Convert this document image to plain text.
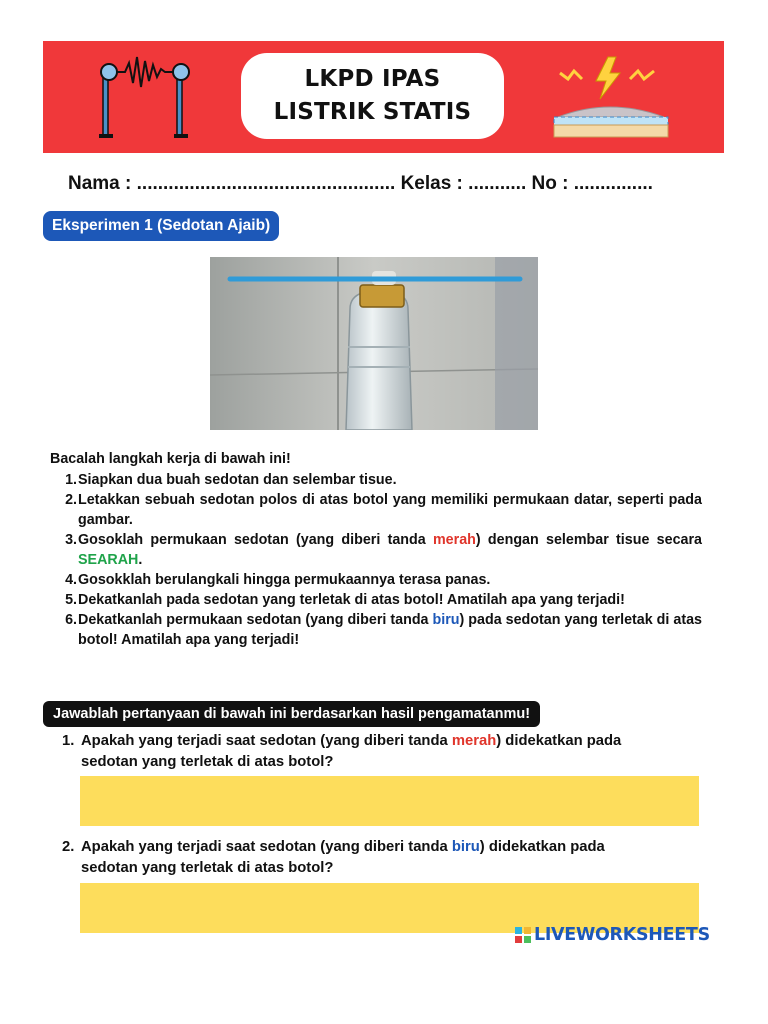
LKPD IPAS
LISTRIK STATIS
Nama : ................................................. Kelas : ........... No : ...............
Eksperimen 1 (Sedotan Ajaib)
Bacalah langkah kerja di bawah ini!
1. Siapkan dua buah sedotan dan selembar tisue.
2. Letakkan sebuah sedotan polos di atas botol yang memiliki permukaan datar, seperti pada gambar.
3. Gosoklah permukaan sedotan (yang diberi tanda merah) dengan selembar tisue secara SEARAH.
4. Gosokklah berulangkali hingga permukaannya terasa panas.
5. Dekatkanlah pada sedotan yang terletak di atas botol! Amatilah apa yang terjadi!
6. Dekatkanlah permukaan sedotan (yang diberi tanda biru) pada sedotan yang terletak di atas botol! Amatilah apa yang terjadi!
Jawablah pertanyaan di bawah ini berdasarkan hasil pengamatanmu!
1. Apakah yang terjadi saat sedotan (yang diberi tanda merah) didekatkan pada
sedotan yang terletak di atas botol?
2. Apakah yang terjadi saat sedotan (yang diberi tanda biru) didekatkan pada
sedotan yang terletak di atas botol?
LIVEWORKSHEETS
